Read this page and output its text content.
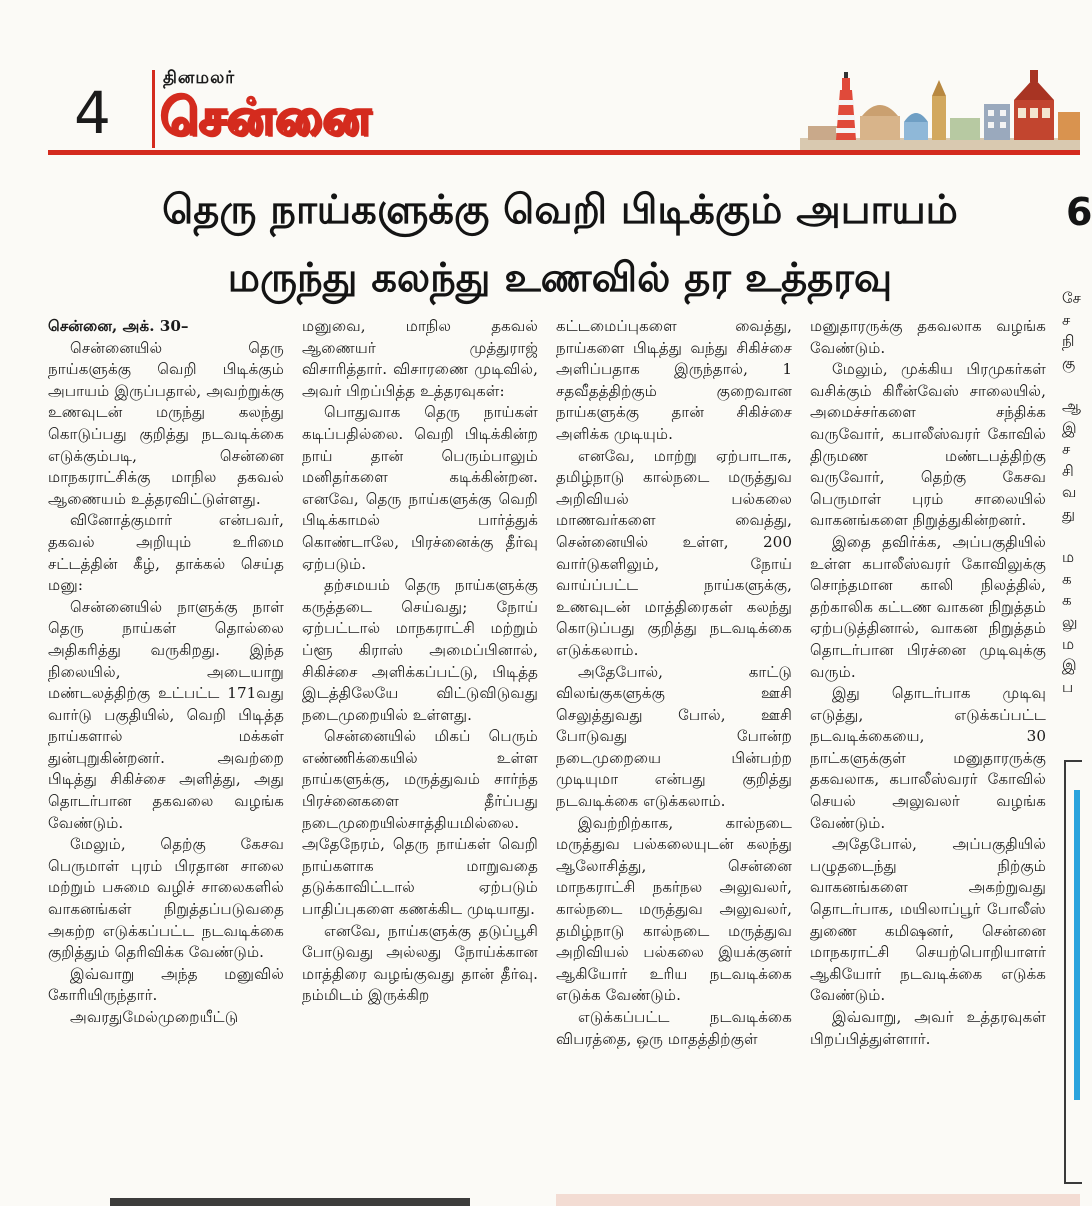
4
தினமலர்
சென்னை
தெரு நாய்களுக்கு வெறி பிடிக்கும் அபாயம்
மருந்து கலந்து உணவில் தர உத்தரவு
6

சென்னை, அக். 30–

சென்னையில் தெரு நாய்களுக்கு வெறி பிடிக்கும் அபாயம் இருப்பதால், அவற்றுக்கு உணவுடன் மருந்து கலந்து கொடுப்பது குறித்து நடவடிக்கை எடுக்கும்படி, சென்னை மாநகராட்சிக்கு மாநில தகவல் ஆணையம் உத்தரவிட்டுள்ளது.

வினோத்குமார் என்பவர், தகவல் அறியும் உரிமை சட்டத்தின் கீழ், தாக்கல் செய்த மனு:

சென்னையில் நாளுக்கு நாள் தெரு நாய்கள் தொல்லை அதிகரித்து வருகிறது. இந்த நிலையில், அடையாறு மண்டலத்திற்கு உட்பட்ட 171வது வார்டு பகுதியில், வெறி பிடித்த நாய்களால் மக்கள் துன்புறுகின்றனர். அவற்றை பிடித்து சிகிச்சை அளித்து, அது தொடர்பான தகவலை வழங்க வேண்டும்.

மேலும், தெற்கு கேசவ பெருமாள் புரம் பிரதான சாலை மற்றும் பசுமை வழிச் சாலைகளில் வாகனங்கள் நிறுத்தப்படுவதை அகற்ற எடுக்கப்பட்ட நடவடிக்கை குறித்தும் தெரிவிக்க வேண்டும்.

இவ்வாறு அந்த மனுவில் கோரியிருந்தார்.

அவரதுமேல்முறையீட்டு

மனுவை, மாநில தகவல் ஆணையர் முத்துராஜ் விசாரித்தார். விசாரணை முடிவில், அவர் பிறப்பித்த உத்தரவுகள்:

பொதுவாக தெரு நாய்கள் கடிப்பதில்லை. வெறி பிடிக்கின்ற நாய் தான் பெரும்பாலும் மனிதர்களை கடிக்கின்றன. எனவே, தெரு நாய்களுக்கு வெறி பிடிக்காமல் பார்த்துக் கொண்டாலே, பிரச்னைக்கு தீர்வு ஏற்படும்.

தற்சமயம் தெரு நாய்களுக்கு கருத்தடை செய்வது; நோய் ஏற்பட்டால் மாநகராட்சி மற்றும் ப்ளூ கிராஸ் அமைப்பினால், சிகிச்சை அளிக்கப்பட்டு, பிடித்த இடத்திலேயே விட்டுவிடுவது நடைமுறையில் உள்ளது.

சென்னையில் மிகப் பெரும் எண்ணிக்கையில் உள்ள நாய்களுக்கு, மருத்துவம் சார்ந்த பிரச்னைகளை தீர்ப்பது நடைமுறையில்சாத்தியமில்லை. அதேநேரம், தெரு நாய்கள் வெறி நாய்களாக மாறுவதை தடுக்காவிட்டால் ஏற்படும் பாதிப்புகளை கணக்கிட முடியாது.

எனவே, நாய்களுக்கு தடுப்பூசி போடுவது அல்லது நோய்க்கான மாத்திரை வழங்குவது தான் தீர்வு. நம்மிடம் இருக்கிற

கட்டமைப்புகளை வைத்து, நாய்களை பிடித்து வந்து சிகிச்சை அளிப்பதாக இருந்தால், 1 சதவீதத்திற்கும் குறைவான நாய்களுக்கு தான் சிகிச்சை அளிக்க முடியும்.

எனவே, மாற்று ஏற்பாடாக, தமிழ்நாடு கால்நடை மருத்துவ அறிவியல் பல்கலை மாணவர்களை வைத்து, சென்னையில் உள்ள, 200 வார்டுகளிலும், நோய் வாய்ப்பட்ட நாய்களுக்கு, உணவுடன் மாத்திரைகள் கலந்து கொடுப்பது குறித்து நடவடிக்கை எடுக்கலாம்.

அதேபோல், காட்டு விலங்குகளுக்கு ஊசி செலுத்துவது போல், ஊசி போடுவது போன்ற நடைமுறையை பின்பற்ற முடியுமா என்பது குறித்து நடவடிக்கை எடுக்கலாம்.

இவற்றிற்காக, கால்நடை மருத்துவ பல்கலையுடன் கலந்து ஆலோசித்து, சென்னை மாநகராட்சி நகர்நல அலுவலர், கால்நடை மருத்துவ அலுவலர், தமிழ்நாடு கால்நடை மருத்துவ அறிவியல் பல்கலை இயக்குனர் ஆகியோர் உரிய நடவடிக்கை எடுக்க வேண்டும்.

எடுக்கப்பட்ட நடவடிக்கை விபரத்தை, ஒரு மாதத்திற்குள்

மனுதாரருக்கு தகவலாக வழங்க வேண்டும்.

மேலும், முக்கிய பிரமுகர்கள் வசிக்கும் கிரீன்வேஸ் சாலையில், அமைச்சர்களை சந்திக்க வருவோர், கபாலீஸ்வரர் கோவில் திருமண மண்டபத்திற்கு வருவோர், தெற்கு கேசவ பெருமாள் புரம் சாலையில் வாகனங்களை நிறுத்துகின்றனர்.

இதை தவிர்க்க, அப்பகுதியில் உள்ள கபாலீஸ்வரர் கோவிலுக்கு சொந்தமான காலி நிலத்தில், தற்காலிக கட்டண வாகன நிறுத்தம் ஏற்படுத்தினால், வாகன நிறுத்தம் தொடர்பான பிரச்னை முடிவுக்கு வரும்.

இது தொடர்பாக முடிவு எடுத்து, எடுக்கப்பட்ட நடவடிக்கையை, 30 நாட்களுக்குள் மனுதாரருக்கு தகவலாக, கபாலீஸ்வரர் கோவில் செயல் அலுவலர் வழங்க வேண்டும்.

அதேபோல், அப்பகுதியில் பழுதடைந்து நிற்கும் வாகனங்களை அகற்றுவது தொடர்பாக, மயிலாப்பூர் போலீஸ் துணை கமிஷனர், சென்னை மாநகராட்சி செயற்பொறியாளர் ஆகியோர் நடவடிக்கை எடுக்க வேண்டும்.

இவ்வாறு, அவர் உத்தரவுகள் பிறப்பித்துள்ளார்.

சே
ச
நி
கு

ஆ
இ
ச
சி
வ
து

ம
க
க
லு
ம
இ
ப
